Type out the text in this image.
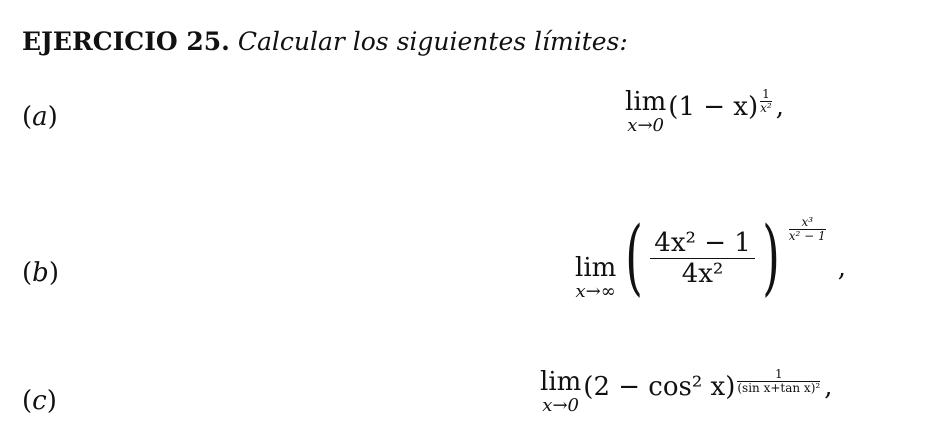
EJERCICIO 25. Calcular los siguientes límites:
(a)	lim
x→0
$(1 - x) \frac{1}{\text{x²}}$ ,
(b)	lim
x→∞ ( $\frac{\text{4x² − 1}}{\text{4x²}}$ ) $\frac{\text{x³}}{\text{x² − 1}}$
,
(c)
lim
x→0
(2 − cos² $x) \frac{1}{\text{(sin x+tan x)²}}$ ,
